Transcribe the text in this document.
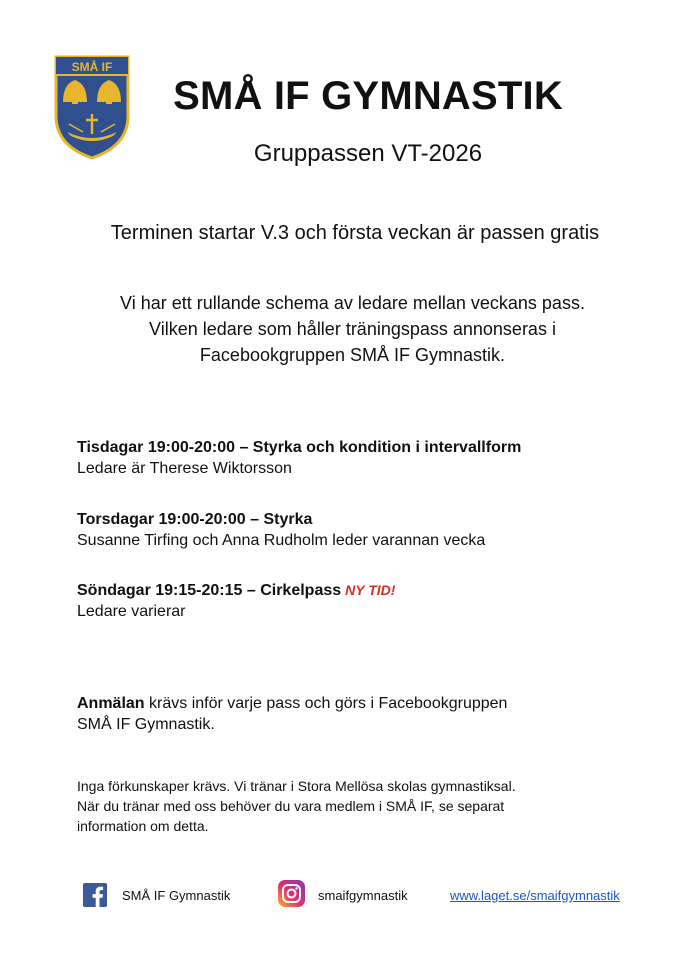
SMÅ IF
SMÅ IF GYMNASTIK
Gruppassen VT-2026
Terminen startar V.3 och första veckan är passen gratis
Vi har ett rullande schema av ledare mellan veckans pass.
Vilken ledare som håller träningspass annonseras i
Facebookgruppen SMÅ IF Gymnastik.
Tisdagar 19:00-20:00 – Styrka och kondition i intervallform
Ledare är Therese Wiktorsson
Torsdagar 19:00-20:00 – Styrka
Susanne Tirfing och Anna Rudholm leder varannan vecka
Söndagar 19:15-20:15 – Cirkelpass NY TID!
Ledare varierar
Anmälan krävs inför varje pass och görs i Facebookgruppen
SMÅ IF Gymnastik.
Inga förkunskaper krävs. Vi tränar i Stora Mellösa skolas gymnastiksal.
När du tränar med oss behöver du vara medlem i SMÅ IF, se separat
information om detta.
SMÅ IF Gymnastik	smaifgymnastik	www.laget.se/smaifgymnastik
